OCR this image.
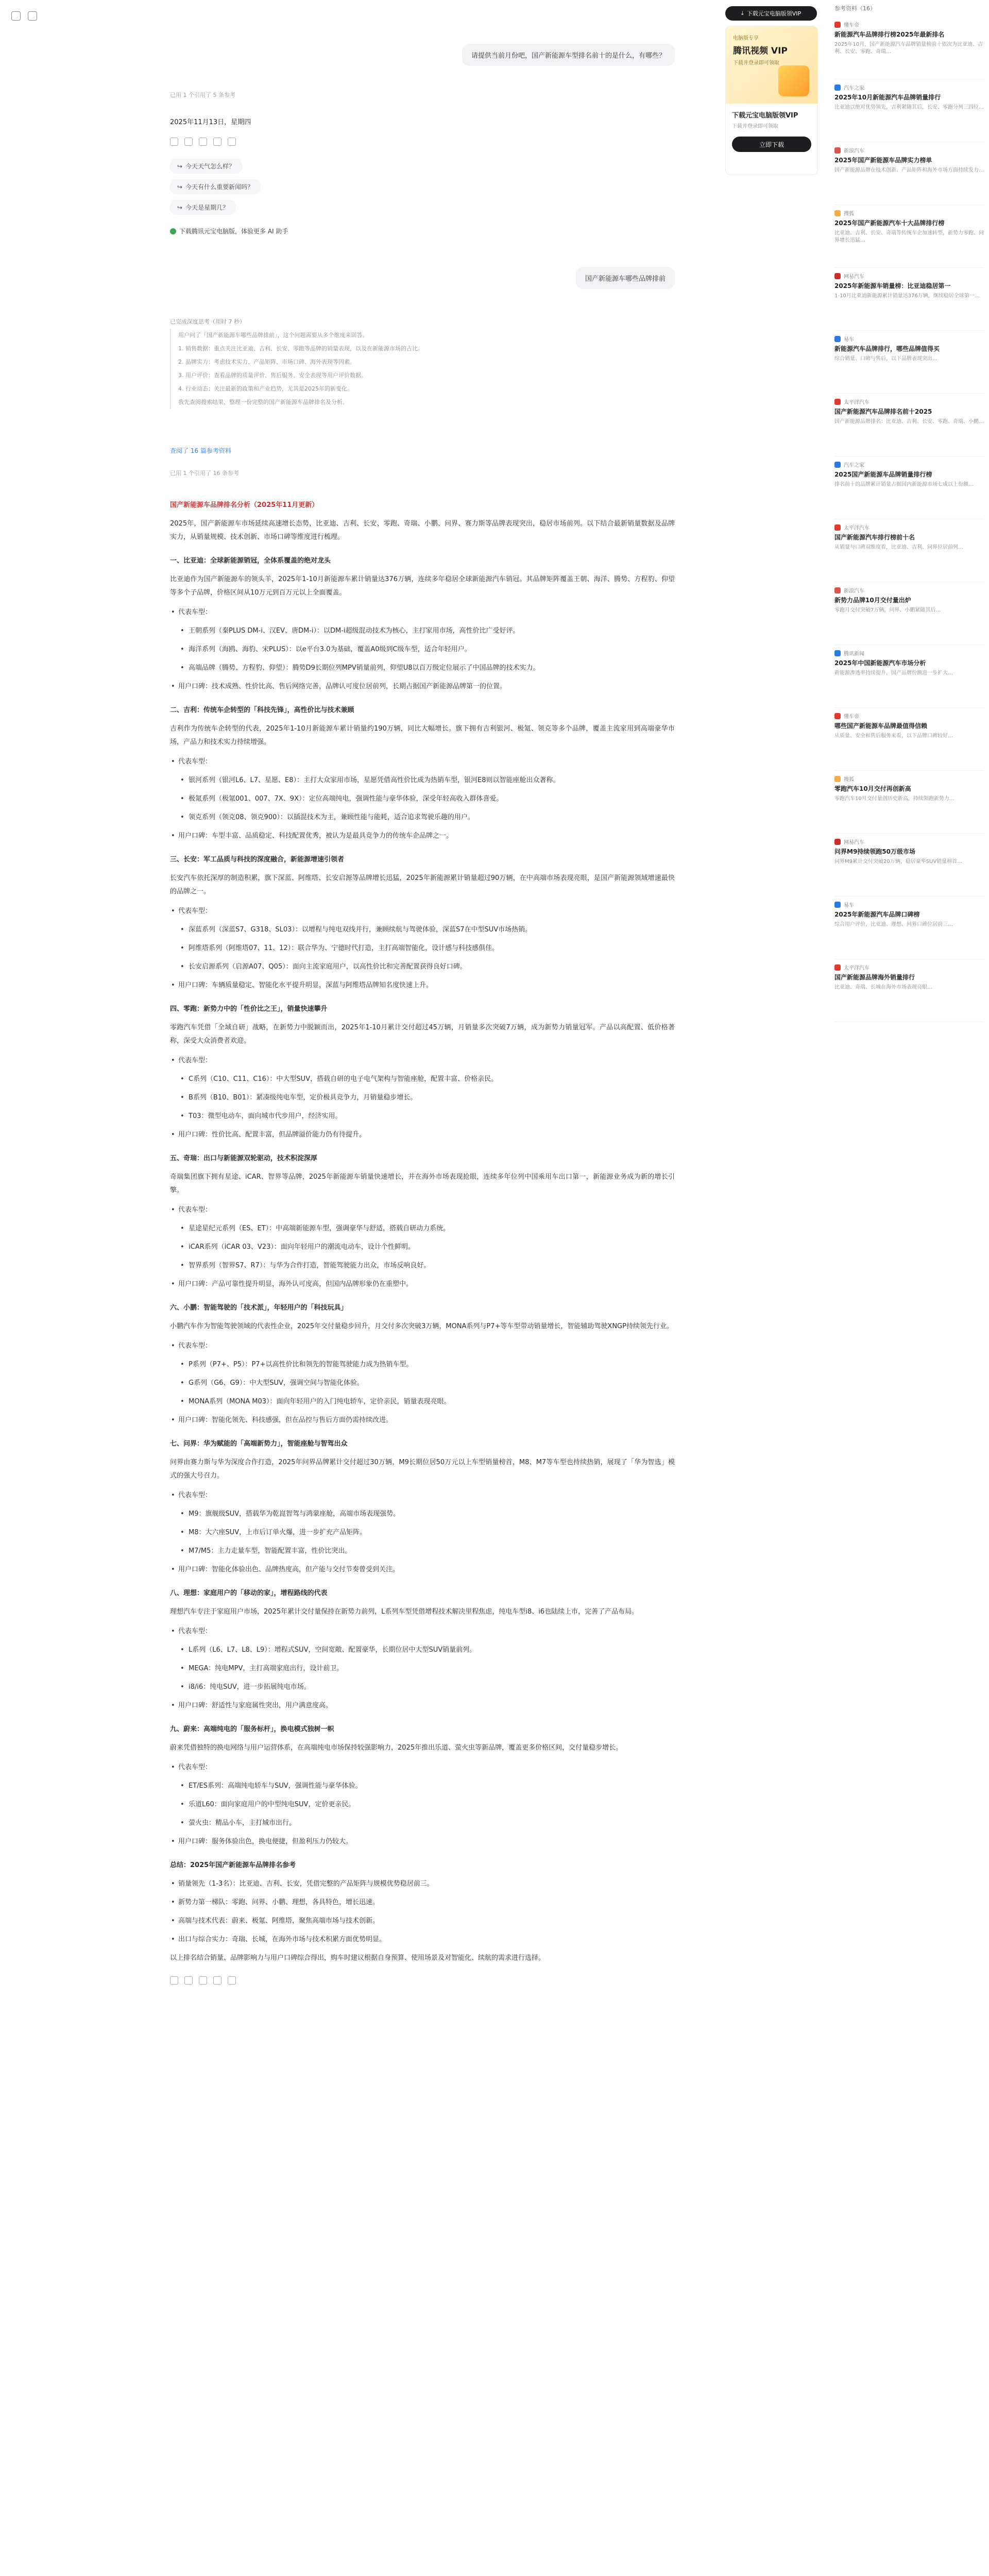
请提供当前月份吧，国产新能源车型排名前十的是什么，有哪些？
已用 1 个引用了 5 条参考
2025年11月13日，星期四
↪ 今天天气怎么样？
↪ 今天有什么重要新闻吗？
↪ 今天是星期几？
下载腾讯元宝电脑版，体验更多 AI 助手
国产新能源车哪些品牌排前
已完成深度思考（用时 7 秒）
用户问了「国产新能源车哪些品牌排前」，这个问题需要从多个维度来回答。
1. 销售数据：重点关注比亚迪、吉利、长安、零跑等品牌的销量表现，以及在新能源市场的占比。
2. 品牌实力：考虑技术实力、产品矩阵、市场口碑、海外表现等因素。
3. 用户评价：查看品牌的质量评价、售后服务、安全表现等用户评价数据。
4. 行业动态：关注最新的政策和产业趋势，尤其是2025年的新变化。
我先查阅搜索结果，整理一份完整的国产新能源车品牌排名及分析。
查阅了 16 篇参考资料
已用 1 个引用了 16 条参考
国产新能源车品牌排名分析（2025年11月更新）

2025年，国产新能源车市场延续高速增长态势，比亚迪、吉利、长安、零跑、奇瑞、小鹏、问界、赛力斯等品牌表现突出，稳居市场前列。以下结合最新销量数据及品牌实力，从销量规模、技术创新、市场口碑等维度进行梳理。

一、比亚迪：全球新能源销冠，全体系覆盖的绝对龙头

比亚迪作为国产新能源车的领头羊，2025年1-10月新能源车累计销量达376万辆，连续多年稳居全球新能源汽车销冠。其品牌矩阵覆盖王朝、海洋、腾势、方程豹、仰望等多个子品牌，价格区间从10万元到百万元以上全面覆盖。

• 代表车型：
• 王朝系列（秦PLUS DM-i、汉EV、唐DM-i）：以DM-i超级混动技术为核心，主打家用市场，高性价比广受好评。
• 海洋系列（海鸥、海豹、宋PLUS）：以e平台3.0为基础，覆盖A0级到C级车型，适合年轻用户。
• 高端品牌（腾势、方程豹、仰望）：腾势D9长期位列MPV销量前列，仰望U8以百万级定位展示了中国品牌的技术实力。
• 用户口碑：技术成熟、性价比高、售后网络完善，品牌认可度位居前列，长期占据国产新能源品牌第一的位置。
二、吉利：传统车企转型的「科技先锋」，高性价比与技术兼顾

吉利作为传统车企转型的代表，2025年1-10月新能源车累计销量约190万辆，同比大幅增长。旗下拥有吉利银河、极氪、领克等多个品牌，覆盖主流家用到高端豪华市场，产品力和技术实力持续增强。

• 代表车型：
• 银河系列（银河L6、L7、星愿、E8）：主打大众家用市场，星愿凭借高性价比成为热销车型，银河E8则以智能座舱出众著称。
• 极氪系列（极氪001、007、7X、9X）：定位高端纯电，强调性能与豪华体验，深受年轻高收入群体喜爱。
• 领克系列（领克08、领克900）：以插混技术为主，兼顾性能与能耗，适合追求驾驶乐趣的用户。
• 用户口碑：车型丰富、品质稳定、科技配置优秀，被认为是最具竞争力的传统车企品牌之一。
三、长安：军工品质与科技的深度融合，新能源增速引领者

长安汽车依托深厚的制造积累，旗下深蓝、阿维塔、长安启源等品牌增长迅猛，2025年新能源累计销量超过90万辆，在中高端市场表现亮眼，是国产新能源领域增速最快的品牌之一。

• 代表车型：
• 深蓝系列（深蓝S7、G318、SL03）：以增程与纯电双线并行，兼顾续航与驾驶体验，深蓝S7在中型SUV市场热销。
• 阿维塔系列（阿维塔07、11、12）：联合华为、宁德时代打造，主打高端智能化，设计感与科技感俱佳。
• 长安启源系列（启源A07、Q05）：面向主流家庭用户，以高性价比和完善配置获得良好口碑。
• 用户口碑：车辆质量稳定、智能化水平提升明显，深蓝与阿维塔品牌知名度快速上升。
四、零跑：新势力中的「性价比之王」，销量快速攀升

零跑汽车凭借「全域自研」战略，在新势力中脱颖而出，2025年1-10月累计交付超过45万辆，月销量多次突破7万辆，成为新势力销量冠军。产品以高配置、低价格著称，深受大众消费者欢迎。

• 代表车型：
• C系列（C10、C11、C16）：中大型SUV，搭载自研的电子电气架构与智能座舱，配置丰富、价格亲民。
• B系列（B10、B01）：紧凑级纯电车型，定价极具竞争力，月销量稳步增长。
• T03：微型电动车，面向城市代步用户，经济实用。
• 用户口碑：性价比高、配置丰富，但品牌溢价能力仍有待提升。
五、奇瑞：出口与新能源双轮驱动，技术积淀深厚

奇瑞集团旗下拥有星途、iCAR、智界等品牌，2025年新能源车销量快速增长，并在海外市场表现抢眼，连续多年位列中国乘用车出口第一，新能源业务成为新的增长引擎。

• 代表车型：
• 星途星纪元系列（ES、ET）：中高端新能源车型，强调豪华与舒适，搭载自研动力系统。
• iCAR系列（iCAR 03、V23）：面向年轻用户的潮流电动车，设计个性鲜明。
• 智界系列（智界S7、R7）：与华为合作打造，智能驾驶能力出众，市场反响良好。
• 用户口碑：产品可靠性提升明显，海外认可度高，但国内品牌形象仍在重塑中。
六、小鹏：智能驾驶的「技术派」，年轻用户的「科技玩具」

小鹏汽车作为智能驾驶领域的代表性企业，2025年交付量稳步回升，月交付多次突破3万辆，MONA系列与P7+等车型带动销量增长，智能辅助驾驶XNGP持续领先行业。

• 代表车型：
• P系列（P7+、P5）：P7+以高性价比和领先的智能驾驶能力成为热销车型。
• G系列（G6、G9）：中大型SUV，强调空间与智能化体验。
• MONA系列（MONA M03）：面向年轻用户的入门纯电轿车，定价亲民，销量表现亮眼。
• 用户口碑：智能化领先、科技感强，但在品控与售后方面仍需持续改进。
七、问界：华为赋能的「高端新势力」，智能座舱与智驾出众

问界由赛力斯与华为深度合作打造，2025年问界品牌累计交付超过30万辆，M9长期位居50万元以上车型销量榜首，M8、M7等车型也持续热销，展现了「华为智选」模式的强大号召力。

• 代表车型：
• M9：旗舰级SUV，搭载华为乾崑智驾与鸿蒙座舱，高端市场表现强势。
• M8：大六座SUV，上市后订单火爆，进一步扩充产品矩阵。
• M7/M5：主力走量车型，智能配置丰富，性价比突出。
• 用户口碑：智能化体验出色、品牌热度高，但产能与交付节奏曾受到关注。
八、理想：家庭用户的「移动的家」，增程路线的代表

理想汽车专注于家庭用户市场，2025年累计交付量保持在新势力前列，L系列车型凭借增程技术解决里程焦虑，纯电车型i8、i6也陆续上市，完善了产品布局。

• 代表车型：
• L系列（L6、L7、L8、L9）：增程式SUV，空间宽敞、配置豪华，长期位居中大型SUV销量前列。
• MEGA：纯电MPV，主打高端家庭出行，设计前卫。
• i8/i6：纯电SUV，进一步拓展纯电市场。
• 用户口碑：舒适性与家庭属性突出，用户满意度高。
九、蔚来：高端纯电的「服务标杆」，换电模式独树一帜

蔚来凭借独特的换电网络与用户运营体系，在高端纯电市场保持较强影响力，2025年推出乐道、萤火虫等新品牌，覆盖更多价格区间，交付量稳步增长。

• 代表车型：
• ET/ES系列：高端纯电轿车与SUV，强调性能与豪华体验。
• 乐道L60：面向家庭用户的中型纯电SUV，定价更亲民。
• 萤火虫：精品小车，主打城市出行。
• 用户口碑：服务体验出色，换电便捷，但盈利压力仍较大。
总结：2025年国产新能源车品牌排名参考
• 销量领先（1-3名）：比亚迪、吉利、长安，凭借完整的产品矩阵与规模优势稳居前三。
• 新势力第一梯队：零跑、问界、小鹏、理想，各具特色，增长迅速。
• 高端与技术代表：蔚来、极氪、阿维塔，聚焦高端市场与技术创新。
• 出口与综合实力：奇瑞、长城，在海外市场与技术积累方面优势明显。

以上排名结合销量、品牌影响力与用户口碑综合得出，购车时建议根据自身预算、使用场景及对智能化、续航的需求进行选择。

⤓ 下载元宝电脑版领VIP
电脑版专享
腾讯视频 VIP
下载并登录即可领取
下载元宝电脑版领VIP
下载并登录即可领取
立即下载
参考资料（16）
懂车帝
新能源汽车品牌排行榜2025年最新排名
2025年10月，国产新能源汽车品牌销量榜前十依次为比亚迪、吉利、长安、零跑、奇瑞…
汽车之家
2025年10月新能源汽车品牌销量排行
比亚迪以绝对优势领先，吉利紧随其后，长安、零跑分列三四位…
新浪汽车
2025年国产新能源车品牌实力榜单
国产新能源品牌在技术创新、产品矩阵和海外市场方面持续发力…
搜狐
2025年国产新能源汽车十大品牌排行榜
比亚迪、吉利、长安、奇瑞等传统车企加速转型，新势力零跑、问界增长迅猛…
网易汽车
2025年新能源车销量榜：比亚迪稳居第一
1-10月比亚迪新能源累计销量达376万辆，继续稳居全球第一…
易车
新能源汽车品牌排行，哪些品牌值得买
综合销量、口碑与售后，以下品牌表现突出…
太平洋汽车
国产新能源汽车品牌排名前十2025
国产新能源品牌排名：比亚迪、吉利、长安、零跑、奇瑞、小鹏…
汽车之家
2025国产新能源车品牌销量排行榜
排名前十的品牌累计销量占据国内新能源市场七成以上份额…
太平洋汽车
国产新能源汽车排行榜前十名
从销量与口碑双维度看，比亚迪、吉利、问界位居前列…
新浪汽车
新势力品牌10月交付量出炉
零跑月交付突破7万辆，问界、小鹏紧随其后…
腾讯新闻
2025年中国新能源汽车市场分析
新能源渗透率持续提升，国产品牌份额进一步扩大…
懂车帝
哪些国产新能源车品牌最值得信赖
从质量、安全和售后服务来看，以下品牌口碑较好…
搜狐
零跑汽车10月交付再创新高
零跑汽车10月交付量创历史新高，持续领跑新势力…
网易汽车
问界M9持续领跑50万级市场
问界M9累计交付突破20万辆，稳居豪华SUV销量榜首…
易车
2025年新能源汽车品牌口碑榜
综合用户评价，比亚迪、理想、问界口碑位居前三…
太平洋汽车
国产新能源品牌海外销量排行
比亚迪、奇瑞、长城在海外市场表现亮眼…
